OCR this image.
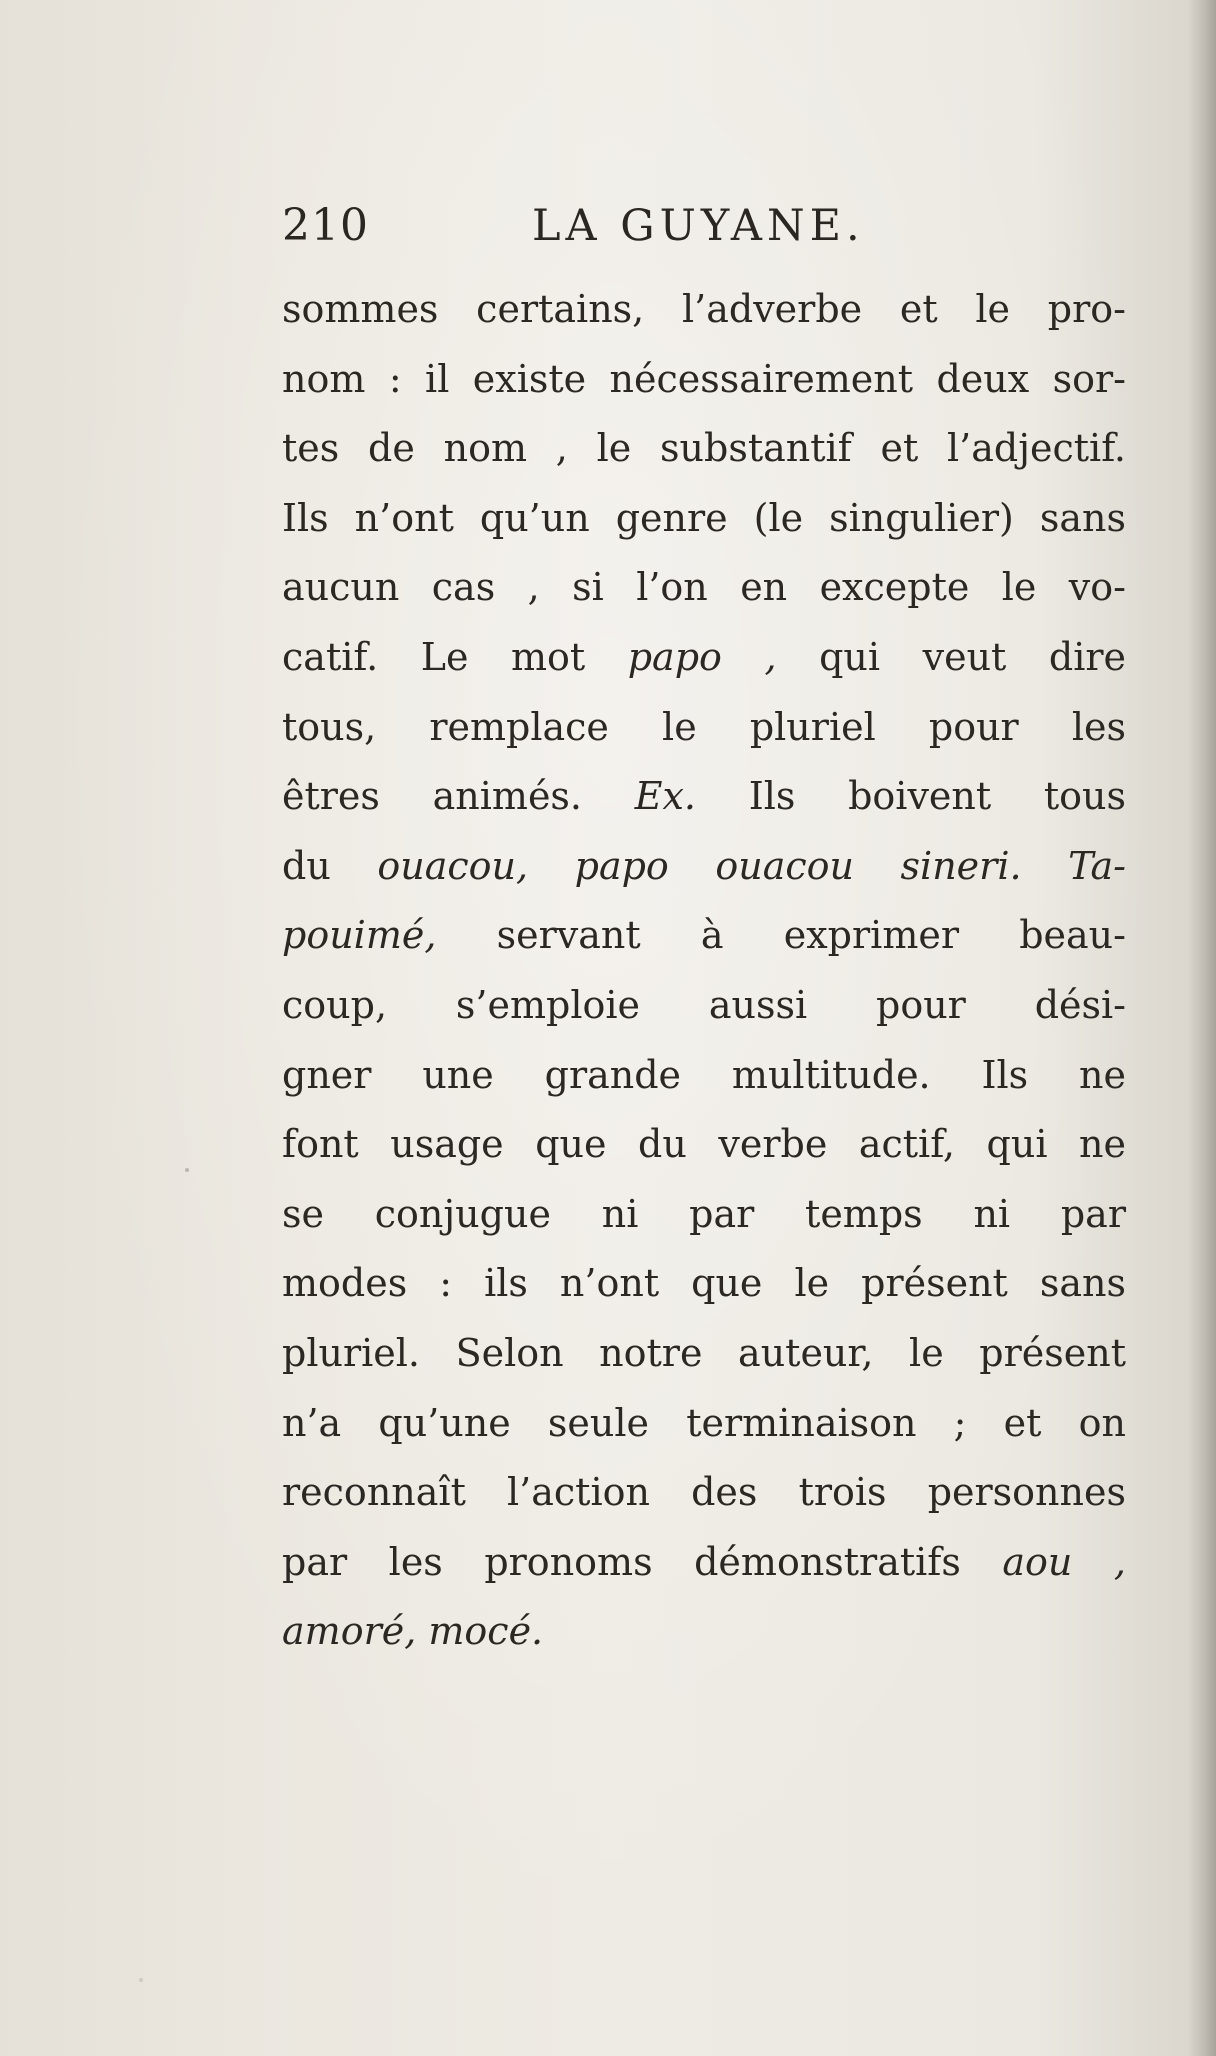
210	LA GUYANE.
sommes certains, l’adverbe et le pro-
nom : il existe nécessairement deux sor-
tes de nom , le substantif et l’adjectif.
Ils n’ont qu’un genre (le singulier) sans
aucun cas , si l’on en excepte le vo-
catif. Le mot papo , qui veut dire
tous, remplace le pluriel pour les
êtres animés. Ex. Ils boivent tous
du ouacou, papo ouacou sineri. Ta-
pouimé, servant à exprimer beau-
coup, s’emploie aussi pour dési-
gner une grande multitude. Ils ne
font usage que du verbe actif, qui ne
se conjugue ni par temps ni par
modes : ils n’ont que le présent sans
pluriel. Selon notre auteur, le présent
n’a qu’une seule terminaison ; et on
reconnaît l’action des trois personnes
par les pronoms démonstratifs aou ,
amoré, mocé.
